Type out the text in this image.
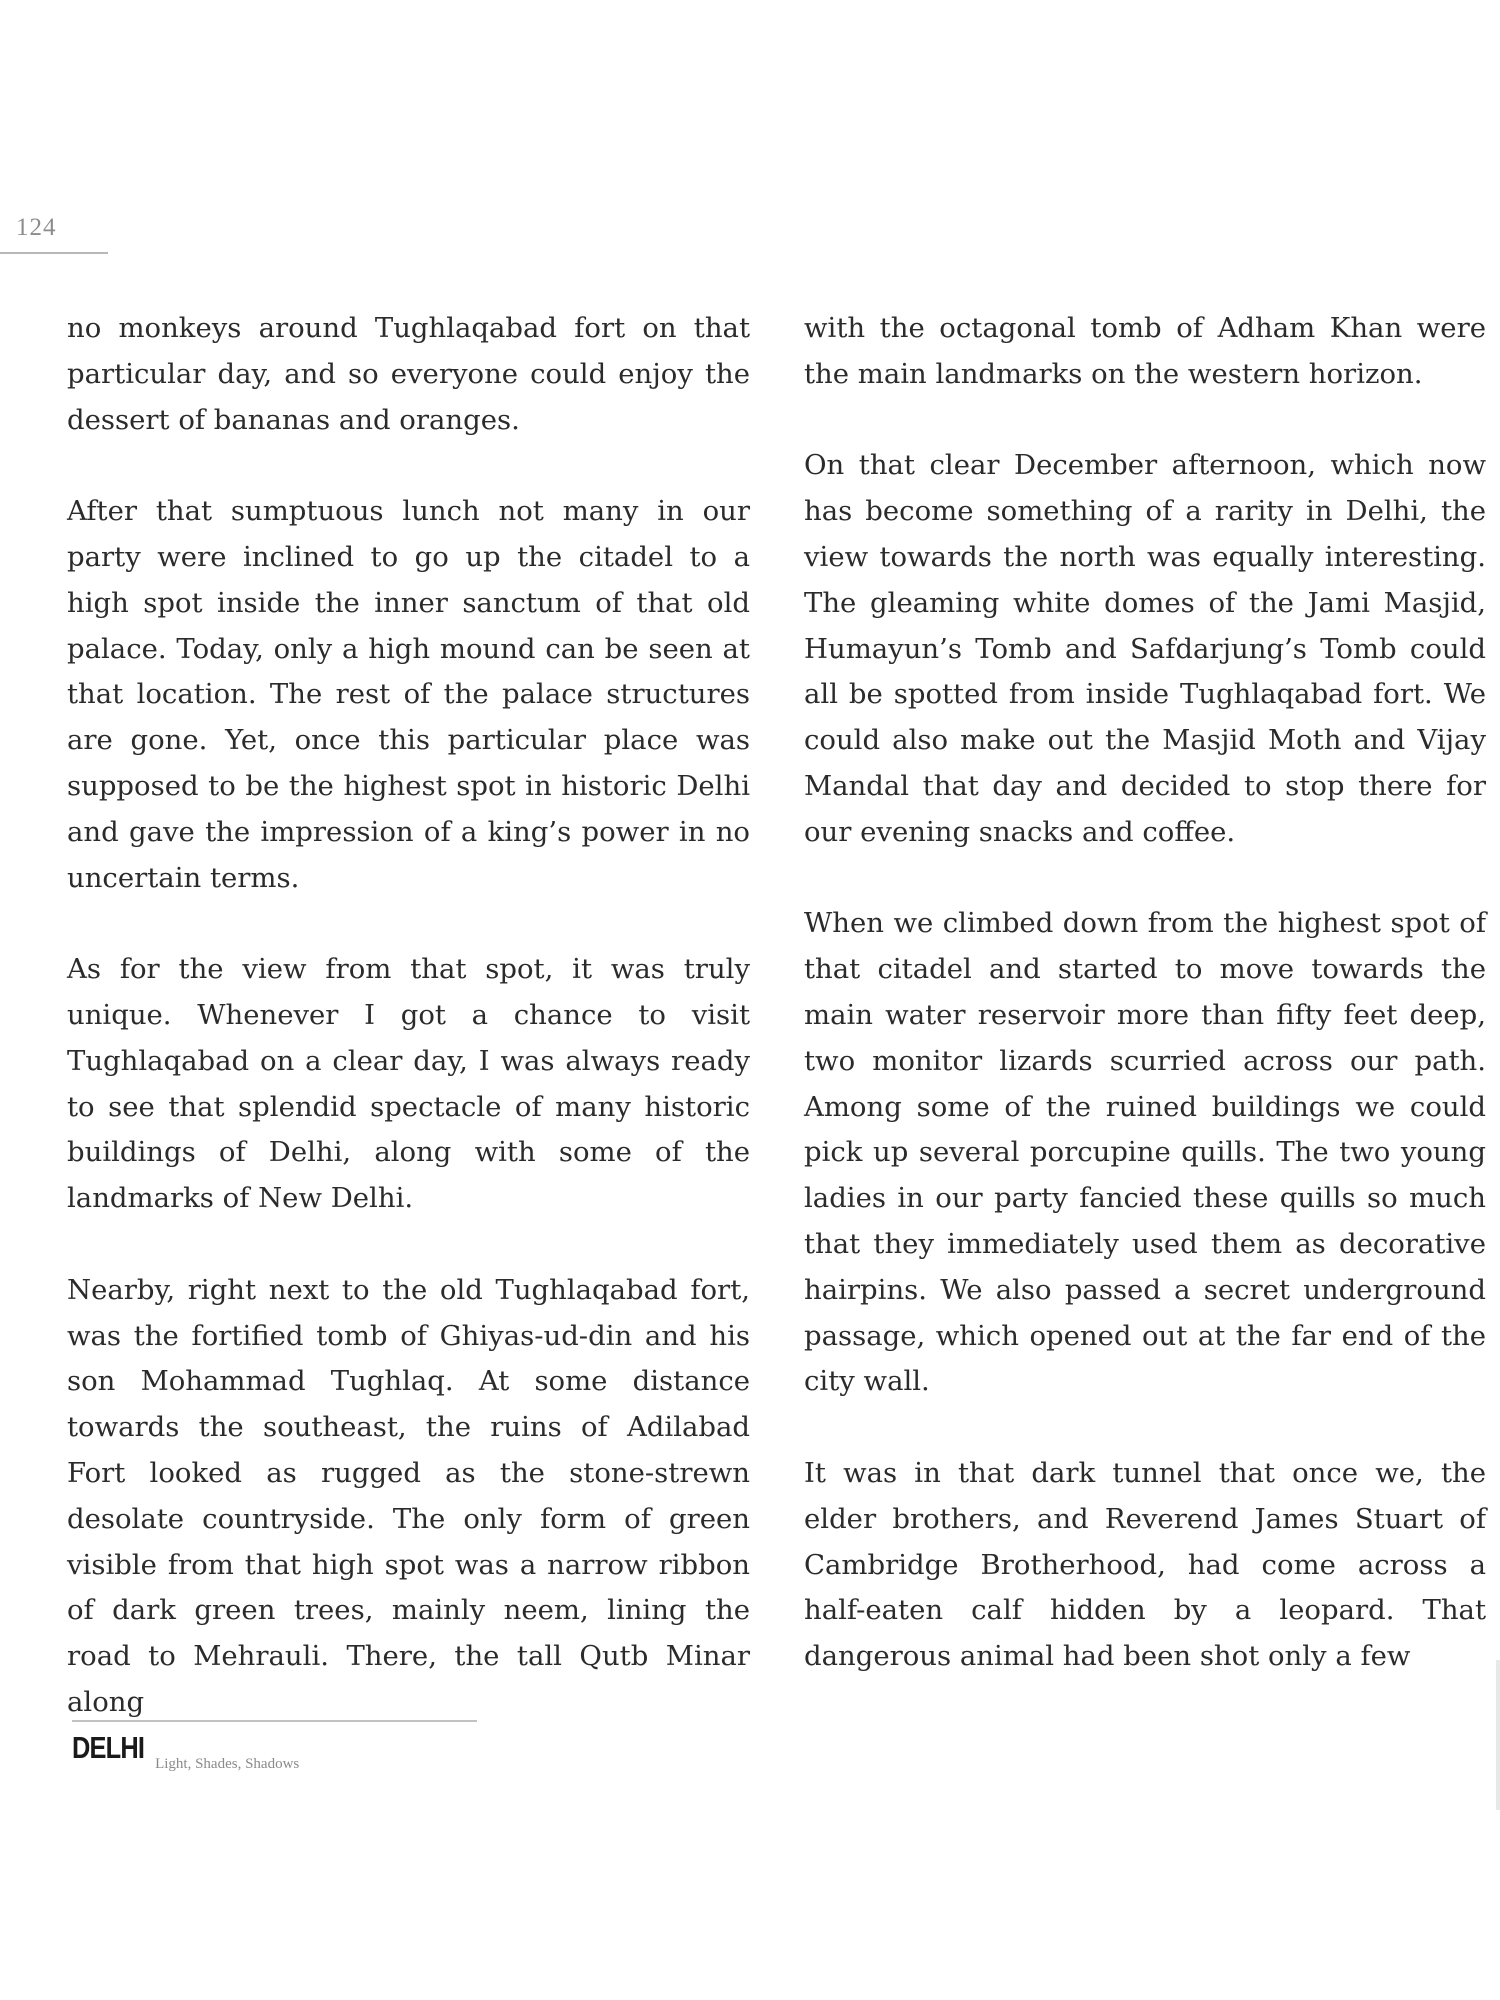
124

no monkeys around Tughlaqabad fort on that particular day, and so everyone could enjoy the dessert of bananas and oranges.

After that sumptuous lunch not many in our party were inclined to go up the citadel to a high spot inside the inner sanctum of that old palace. Today, only a high mound can be seen at that location. The rest of the palace structures are gone. Yet, once this particular place was supposed to be the highest spot in historic Delhi and gave the impression of a king’s power in no uncertain terms.

As for the view from that spot, it was truly unique. Whenever I got a chance to visit Tughlaqabad on a clear day, I was always ready to see that splendid spectacle of many historic buildings of Delhi, along with some of the landmarks of New Delhi.

Nearby, right next to the old Tughlaqabad fort, was the fortified tomb of Ghiyas-ud-din and his son Mohammad Tughlaq. At some distance towards the southeast, the ruins of Adilabad Fort looked as rugged as the stone-strewn desolate countryside. The only form of green visible from that high spot was a narrow ribbon of dark green trees, mainly neem, lining the road to Mehrauli. There, the tall Qutb Minar along

with the octagonal tomb of Adham Khan were the main landmarks on the western horizon.

On that clear December afternoon, which now has become something of a rarity in Delhi, the view towards the north was equally interesting. The gleaming white domes of the Jami Masjid, Humayun’s Tomb and Safdarjung’s Tomb could all be spotted from inside Tughlaqabad fort. We could also make out the Masjid Moth and Vijay Mandal that day and decided to stop there for our evening snacks and coffee.

When we climbed down from the highest spot of that citadel and started to move towards the main water reservoir more than fifty feet deep, two monitor lizards scurried across our path. Among some of the ruined buildings we could pick up several porcupine quills. The two young ladies in our party fancied these quills so much that they immediately used them as decorative hairpins. We also passed a secret underground passage, which opened out at the far end of the city wall.

It was in that dark tunnel that once we, the elder brothers, and Reverend James Stuart of Cambridge Brotherhood, had come across a half-eaten calf hidden by a leopard. That dangerous animal had been shot only a few

DELHI Light, Shades, Shadows
